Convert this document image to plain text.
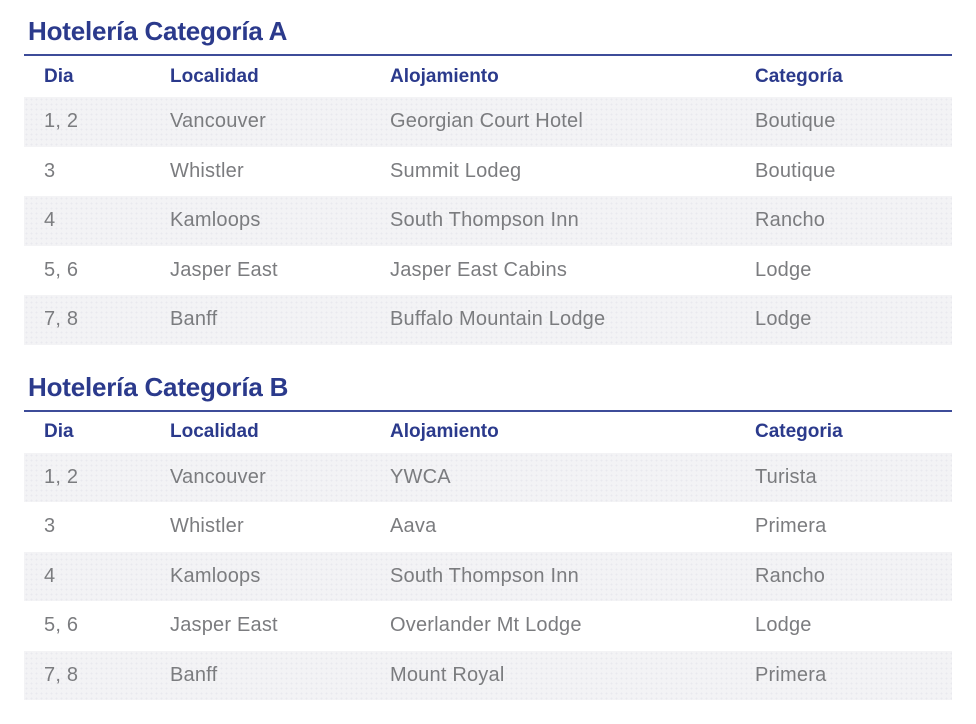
Hotelería Categoría A
Dia	Localidad	Alojamiento	Categoría
1, 2	Vancouver	Georgian Court Hotel	Boutique
3	Whistler	Summit Lodeg	Boutique
4	Kamloops	South Thompson Inn	Rancho
5, 6	Jasper East	Jasper East Cabins	Lodge
7, 8	Banff	Buffalo Mountain Lodge	Lodge
Hotelería Categoría B
Dia	Localidad	Alojamiento	Categoria
1, 2	Vancouver	YWCA	Turista
3	Whistler	Aava	Primera
4	Kamloops	South Thompson Inn	Rancho
5, 6	Jasper East	Overlander Mt Lodge	Lodge
7, 8	Banff	Mount Royal	Primera
